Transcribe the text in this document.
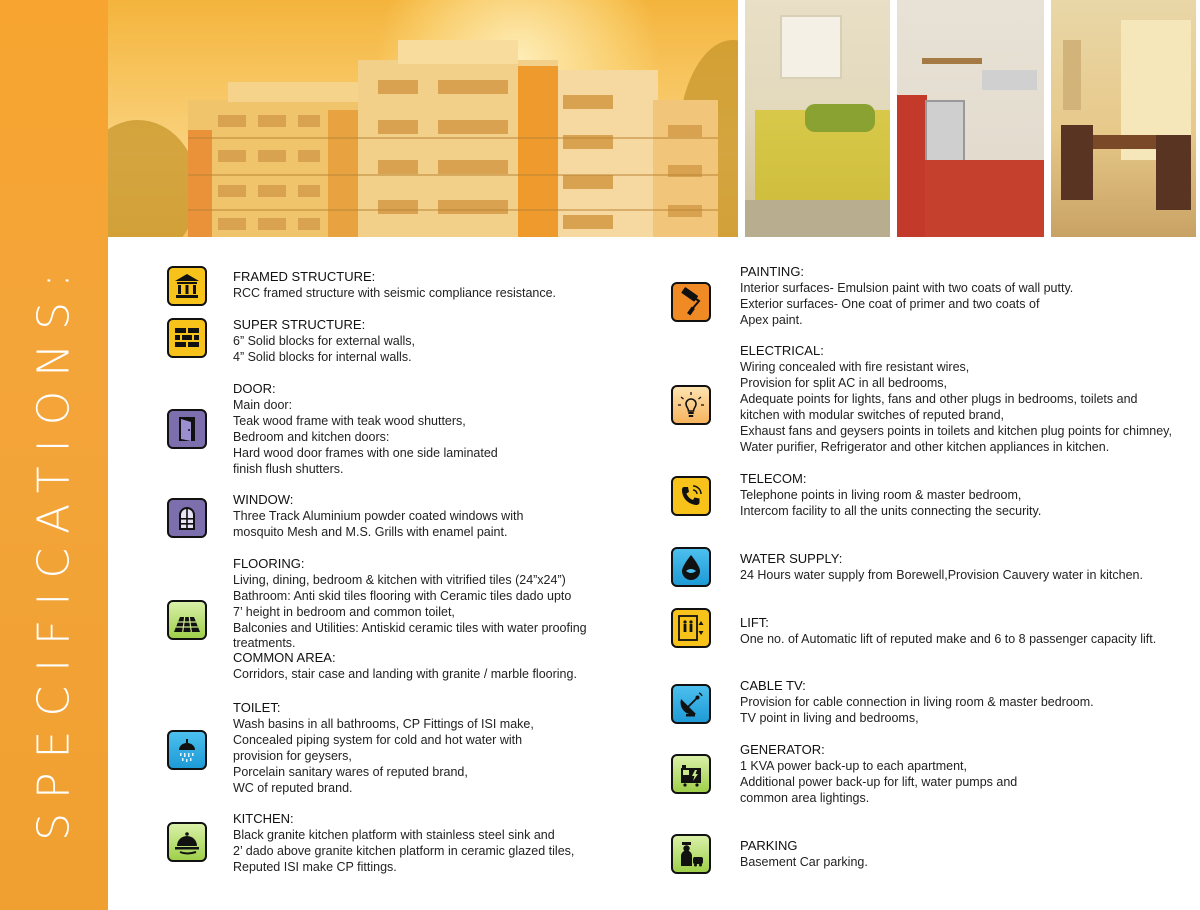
SPECIFICATIONS:	FRAMED STRUCTURE:
RCC framed structure with seismic compliance resistance.
SUPER STRUCTURE:
6” Solid blocks for external walls,
4” Solid blocks for internal walls.
DOOR:
Main door:
Teak wood frame with teak wood shutters,
Bedroom and kitchen doors:
Hard wood door frames with one side laminated
finish flush shutters.
WINDOW:
Three Track Aluminium powder coated windows with
mosquito Mesh and M.S. Grills with enamel paint.
FLOORING:
Living, dining, bedroom & kitchen with vitrified tiles (24”x24”)
Bathroom: Anti skid tiles flooring with Ceramic tiles dado upto
7’ height in bedroom and common toilet,
Balconies and Utilities: Antiskid ceramic tiles with water proofing
treatments.
COMMON AREA:
Corridors, stair case and landing with granite / marble flooring.
TOILET:
Wash basins in all bathrooms, CP Fittings of ISI make,
Concealed piping system for cold and hot water with
provision for geysers,
Porcelain sanitary wares of reputed brand,
WC of reputed brand.
KITCHEN:
Black granite kitchen platform with stainless steel sink and
2’ dado above granite kitchen platform in ceramic glazed tiles,
Reputed ISI make CP fittings.
PAINTING:
Interior surfaces- Emulsion paint with two coats of wall putty.
Exterior surfaces- One coat of primer and two coats of
Apex paint.
ELECTRICAL:
Wiring concealed with fire resistant wires,
Provision for split AC in all bedrooms,
Adequate points for lights, fans and other plugs in bedrooms, toilets and
kitchen with modular switches of reputed brand,
Exhaust fans and geysers points in toilets and kitchen plug points for chimney,
Water purifier, Refrigerator and other kitchen appliances in kitchen.
TELECOM:
Telephone points in living room & master bedroom,
Intercom facility to all the units connecting the security.
WATER SUPPLY:
24 Hours water supply from Borewell,Provision Cauvery water in kitchen.
LIFT:
One no. of Automatic lift of reputed make and 6 to 8 passenger capacity lift.
CABLE TV:
Provision for cable connection in living room & master bedroom.
TV point in living and bedrooms,
GENERATOR:
1 KVA power back-up to each apartment,
Additional power back-up for lift, water pumps and
common area lightings.
PARKING
Basement Car parking.
